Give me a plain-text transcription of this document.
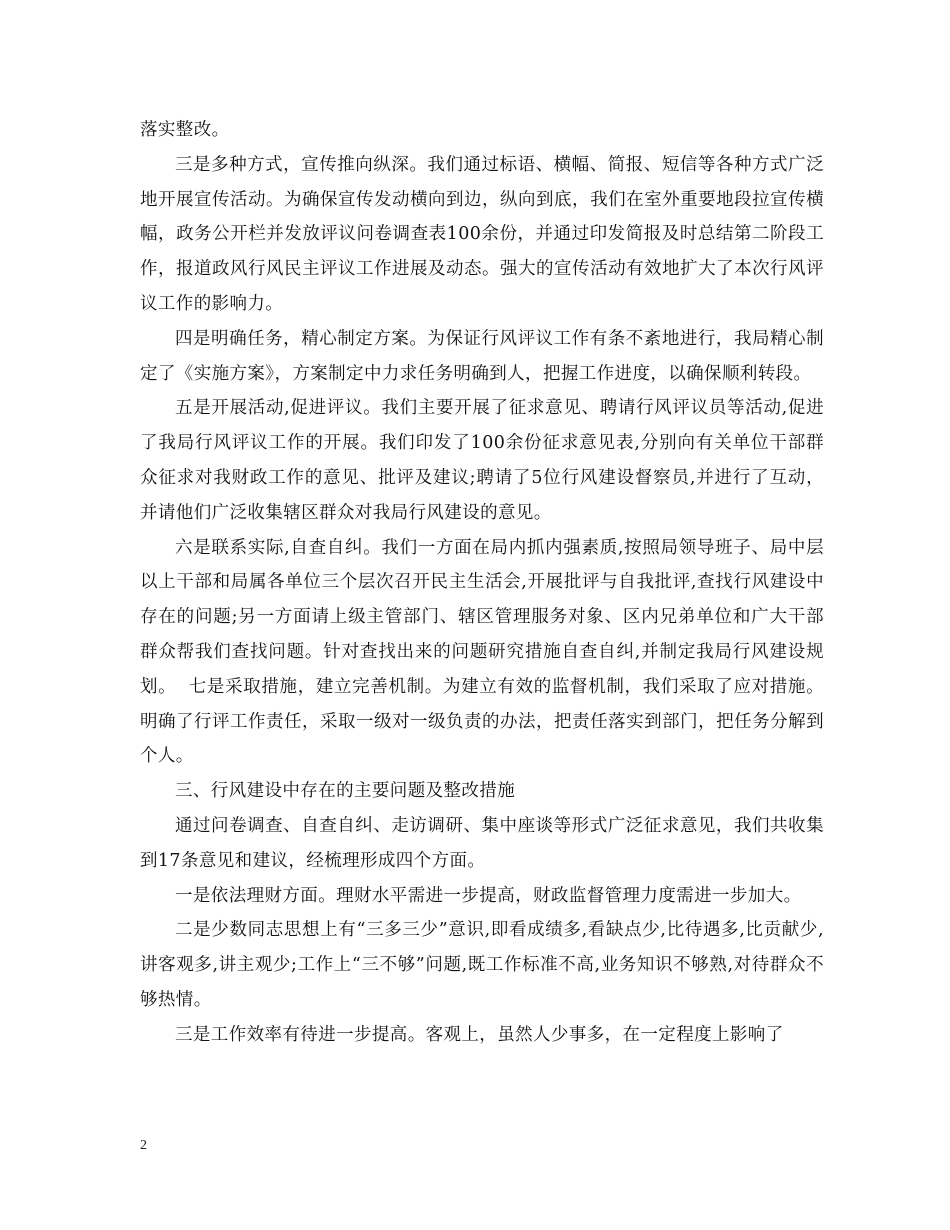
落实整改。

三是多种方式，宣传推向纵深。我们通过标语、横幅、简报、短信等各种方式广泛地开展宣传活动。为确保宣传发动横向到边，纵向到底，我们在室外重要地段拉宣传横幅，政务公开栏并发放评议问卷调查表100余份，并通过印发简报及时总结第二阶段工作，报道政风行风民主评议工作进展及动态。强大的宣传活动有效地扩大了本次行风评议工作的影响力。

四是明确任务，精心制定方案。为保证行风评议工作有条不紊地进行，我局精心制定了《实施方案》，方案制定中力求任务明确到人，把握工作进度，以确保顺利转段。

五是开展活动,促进评议。我们主要开展了征求意见、聘请行风评议员等活动,促进了我局行风评议工作的开展。我们印发了100余份征求意见表,分别向有关单位干部群众征求对我财政工作的意见、批评及建议;聘请了5位行风建设督察员,并进行了互动，并请他们广泛收集辖区群众对我局行风建设的意见。

六是联系实际,自查自纠。我们一方面在局内抓内强素质,按照局领导班子、局中层以上干部和局属各单位三个层次召开民主生活会,开展批评与自我批评,查找行风建设中存在的问题;另一方面请上级主管部门、辖区管理服务对象、区内兄弟单位和广大干部群众帮我们查找问题。针对查找出来的问题研究措施自查自纠,并制定我局行风建设规划。  七是采取措施，建立完善机制。为建立有效的监督机制，我们采取了应对措施。明确了行评工作责任，采取一级对一级负责的办法，把责任落实到部门，把任务分解到个人。

三、行风建设中存在的主要问题及整改措施

通过问卷调查、自查自纠、走访调研、集中座谈等形式广泛征求意见，我们共收集到17条意见和建议，经梳理形成四个方面。

一是依法理财方面。理财水平需进一步提高，财政监督管理力度需进一步加大。

二是少数同志思想上有“三多三少”意识,即看成绩多,看缺点少,比待遇多,比贡献少,讲客观多,讲主观少;工作上“三不够”问题,既工作标准不高,业务知识不够熟,对待群众不够热情。

三是工作效率有待进一步提高。客观上，虽然人少事多，在一定程度上影响了

2
